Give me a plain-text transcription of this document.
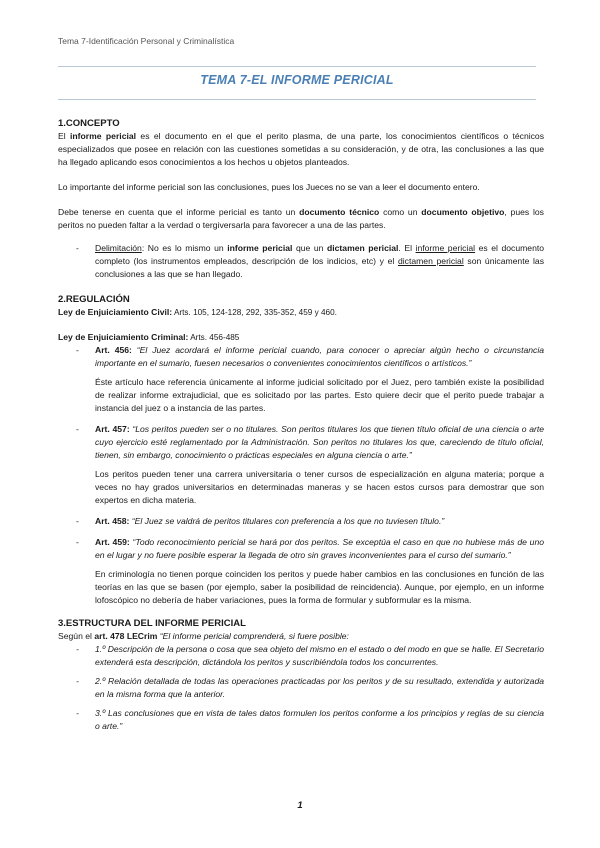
Tema 7-Identificación Personal y Criminalística
TEMA 7-EL INFORME PERICIAL
1.CONCEPTO

El informe pericial es el documento en el que el perito plasma, de una parte, los conocimientos científicos o técnicos especializados que posee en relación con las cuestiones sometidas a su consideración, y de otra, las conclusiones a las que ha llegado aplicando esos conocimientos a los hechos u objetos planteados.

Lo importante del informe pericial son las conclusiones, pues los Jueces no se van a leer el documento entero.

Debe tenerse en cuenta que el informe pericial es tanto un documento técnico como un documento objetivo, pues los peritos no pueden faltar a la verdad o tergiversarla para favorecer a una de las partes.

- Delimitación: No es lo mismo un informe pericial que un dictamen pericial. El informe pericial es el documento completo (los instrumentos empleados, descripción de los indicios, etc) y el dictamen pericial son únicamente las conclusiones a las que se han llegado.
2.REGULACIÓN

Ley de Enjuiciamiento Civil: Arts. 105, 124-128, 292, 335-352, 459 y 460.

Ley de Enjuiciamiento Criminal: Arts. 456-485

- Art. 456: “El Juez acordará el informe pericial cuando, para conocer o apreciar algún hecho o circunstancia importante en el sumario, fuesen necesarios o convenientes conocimientos científicos o artísticos.”
Éste artículo hace referencia únicamente al informe judicial solicitado por el Juez, pero también existe la posibilidad de realizar informe extrajudicial, que es solicitado por las partes. Esto quiere decir que el perito puede trabajar a instancia del juez o a instancia de las partes.
- Art. 457: “Los peritos pueden ser o no titulares. Son peritos titulares los que tienen título oficial de una ciencia o arte cuyo ejercicio esté reglamentado por la Administración. Son peritos no titulares los que, careciendo de título oficial, tienen, sin embargo, conocimiento o prácticas especiales en alguna ciencia o arte.”
Los peritos pueden tener una carrera universitaria o tener cursos de especialización en alguna materia; porque a veces no hay grados universitarios en determinadas maneras y se hacen estos cursos para demostrar que son expertos en dicha materia.
- Art. 458: “El Juez se valdrá de peritos titulares con preferencia a los que no tuviesen título.”
- Art. 459: “Todo reconocimiento pericial se hará por dos peritos. Se exceptúa el caso en que no hubiese más de uno en el lugar y no fuere posible esperar la llegada de otro sin graves inconvenientes para el curso del sumario.”
En criminología no tienen porque coinciden los peritos y puede haber cambios en las conclusiones en función de las teorías en las que se basen (por ejemplo, saber la posibilidad de reincidencia). Aunque, por ejemplo, en un informe lofoscópico no debería de haber variaciones, pues la forma de formular y subformular es la misma.
3.ESTRUCTURA DEL INFORME PERICIAL

Según el art. 478 LECrim “El informe pericial comprenderá, si fuere posible:

- 1.º Descripción de la persona o cosa que sea objeto del mismo en el estado o del modo en que se halle. El Secretario extenderá esta descripción, dictándola los peritos y suscribiéndola todos los concurrentes.
- 2.º Relación detallada de todas las operaciones practicadas por los peritos y de su resultado, extendida y autorizada en la misma forma que la anterior.
- 3.º Las conclusiones que en vista de tales datos formulen los peritos conforme a los principios y reglas de su ciencia o arte.”
1
